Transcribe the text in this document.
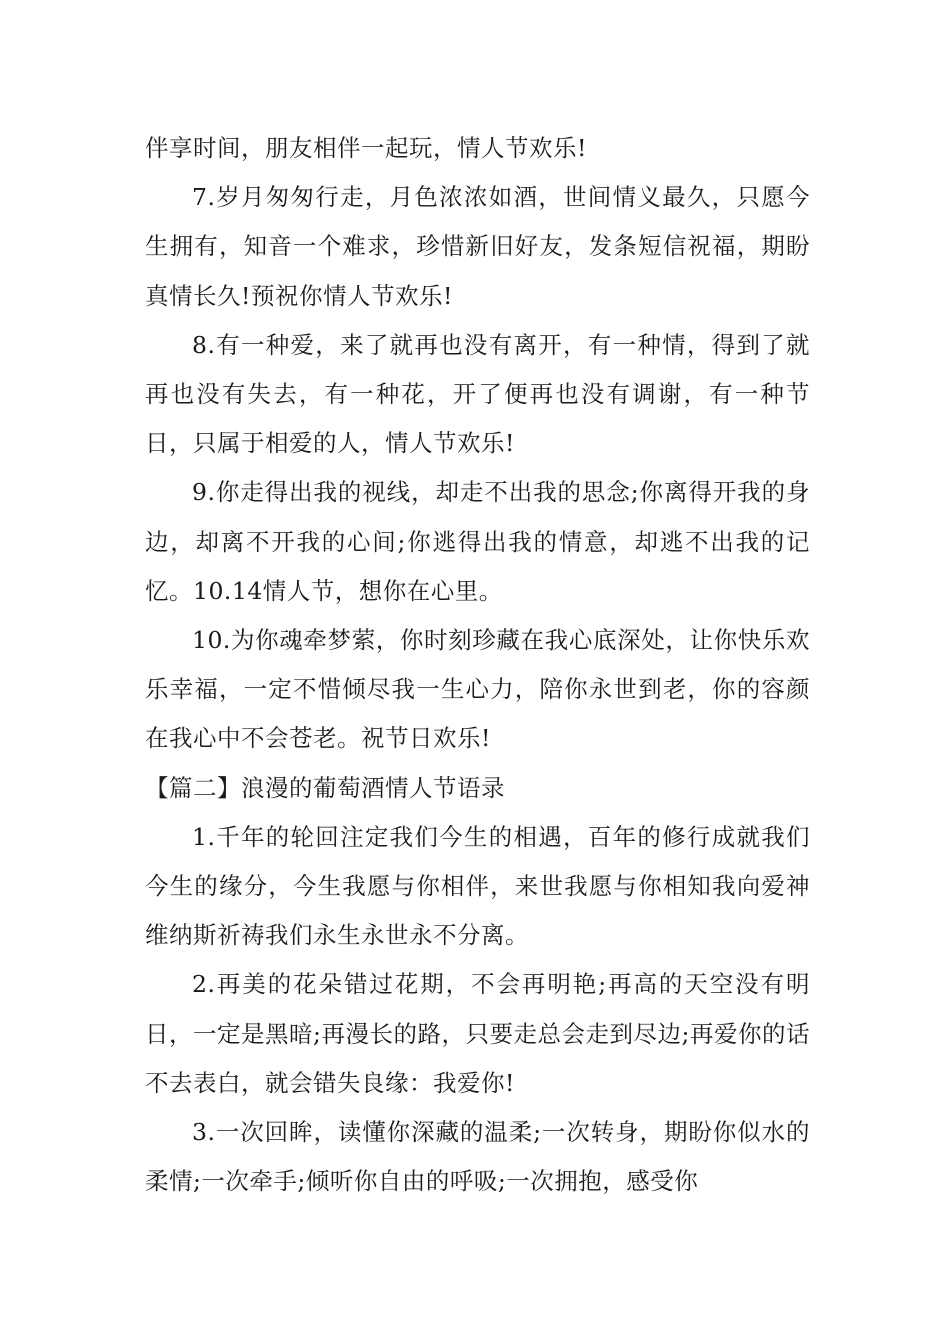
伴享时间，朋友相伴一起玩，情人节欢乐!

7.岁月匆匆行走，月色浓浓如酒，世间情义最久，只愿今生拥有，知音一个难求，珍惜新旧好友，发条短信祝福，期盼真情长久!预祝你情人节欢乐!

8.有一种爱，来了就再也没有离开，有一种情，得到了就再也没有失去，有一种花，开了便再也没有调谢，有一种节日，只属于相爱的人，情人节欢乐!

9.你走得出我的视线，却走不出我的思念;你离得开我的身边，却离不开我的心间;你逃得出我的情意，却逃不出我的记忆。10.14情人节，想你在心里。

10.为你魂牵梦萦，你时刻珍藏在我心底深处，让你快乐欢乐幸福，一定不惜倾尽我一生心力，陪你永世到老，你的容颜在我心中不会苍老。祝节日欢乐!

【篇二】浪漫的葡萄酒情人节语录

1.千年的轮回注定我们今生的相遇，百年的修行成就我们今生的缘分，今生我愿与你相伴，来世我愿与你相知我向爱神维纳斯祈祷我们永生永世永不分离。

2.再美的花朵错过花期，不会再明艳;再高的天空没有明日，一定是黑暗;再漫长的路，只要走总会走到尽边;再爱你的话不去表白，就会错失良缘：我爱你!

3.一次回眸，读懂你深藏的温柔;一次转身，期盼你似水的柔情;一次牵手;倾听你自由的呼吸;一次拥抱，感受你
